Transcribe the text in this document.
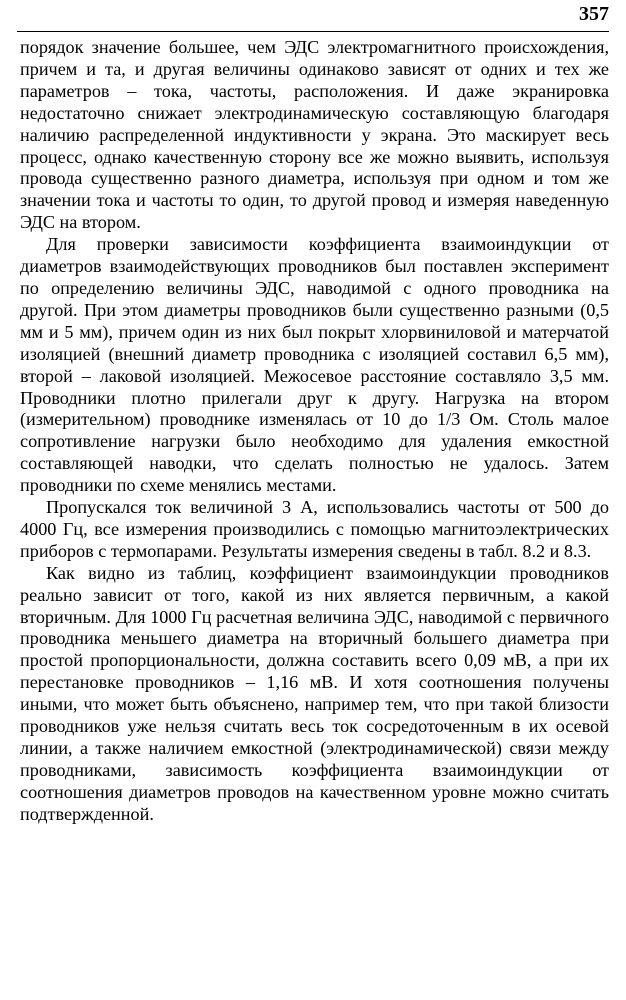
357

порядок значение большее, чем ЭДС электромагнитного происхождения, причем и та, и другая величины одинаково зависят от одних и тех же параметров – тока, частоты, расположения. И даже экранировка недостаточно снижает электродинамическую составляющую благодаря наличию распределенной индуктивности у экрана. Это маскирует весь процесс, однако качественную сторону все же можно выявить, используя провода существенно разного диаметра, используя при одном и том же значении тока и частоты то один, то другой провод и измеряя наведенную ЭДС на втором.

Для проверки зависимости коэффициента взаимоиндукции от диаметров взаимодействующих проводников был поставлен эксперимент по определению величины ЭДС, наводимой с одного проводника на другой. При этом диаметры проводников были существенно разными (0,5 мм и 5 мм), причем один из них был покрыт хлорвиниловой и матерчатой изоляцией (внешний диаметр проводника с изоляцией составил 6,5 мм), второй – лаковой изоляцией. Межосевое расстояние составляло 3,5 мм. Проводники плотно прилегали друг к другу. Нагрузка на втором (измерительном) проводнике изменялась от 10 до 1/3 Ом. Столь малое сопротивление нагрузки было необходимо для удаления емкостной составляющей наводки, что сделать полностью не удалось. Затем проводники по схеме менялись местами.

Пропускался ток величиной 3 А, использовались частоты от 500 до 4000 Гц, все измерения производились с помощью магнитоэлектрических приборов с термопарами. Результаты измерения сведены в табл. 8.2 и 8.3.

Как видно из таблиц, коэффициент взаимоиндукции проводников реально зависит от того, какой из них является первичным, а какой вторичным. Для 1000 Гц расчетная величина ЭДС, наводимой с первичного проводника меньшего диаметра на вторичный большего диаметра при простой пропорциональности, должна составить всего 0,09 мВ, а при их перестановке проводников – 1,16 мВ. И хотя соотношения получены иными, что может быть объяснено, например тем, что при такой близости проводников уже нельзя считать весь ток сосредоточенным в их осевой линии, а также наличием емкостной (электродинамической) связи между проводниками, зависимость коэффициента взаимоиндукции от соотношения диаметров проводов на качественном уровне можно считать подтвержденной.
